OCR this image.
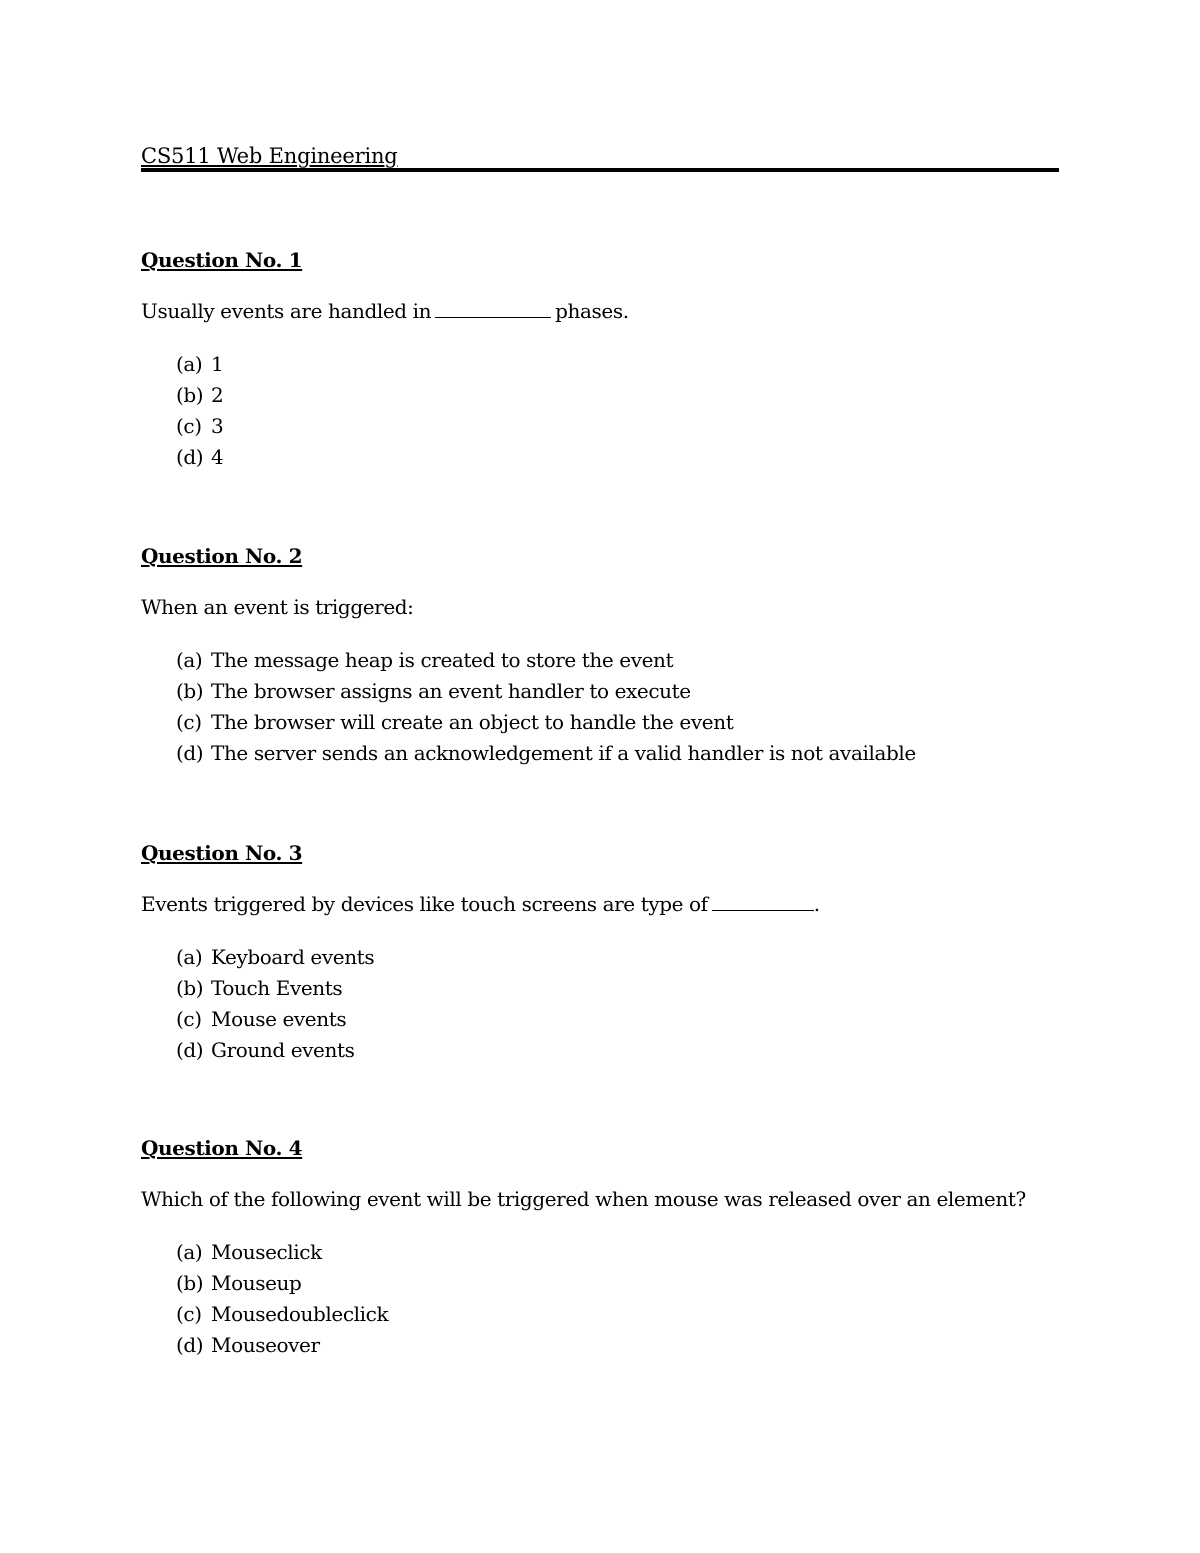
CS511 Web Engineering
Question No. 1
Usually events are handled in	phases.
(a) 1
(b) 2
(c) 3
(d) 4
Question No. 2
When an event is triggered:
(a) The message heap is created to store the event
(b) The browser assigns an event handler to execute
(c) The browser will create an object to handle the event
(d) The server sends an acknowledgement if a valid handler is not available
Question No. 3
Events triggered by devices like touch screens are type of	.
(a) Keyboard events
(b) Touch Events
(c) Mouse events
(d) Ground events
Question No. 4
Which of the following event will be triggered when mouse was released over an element?
(a) Mouseclick
(b) Mouseup
(c) Mousedoubleclick
(d) Mouseover
